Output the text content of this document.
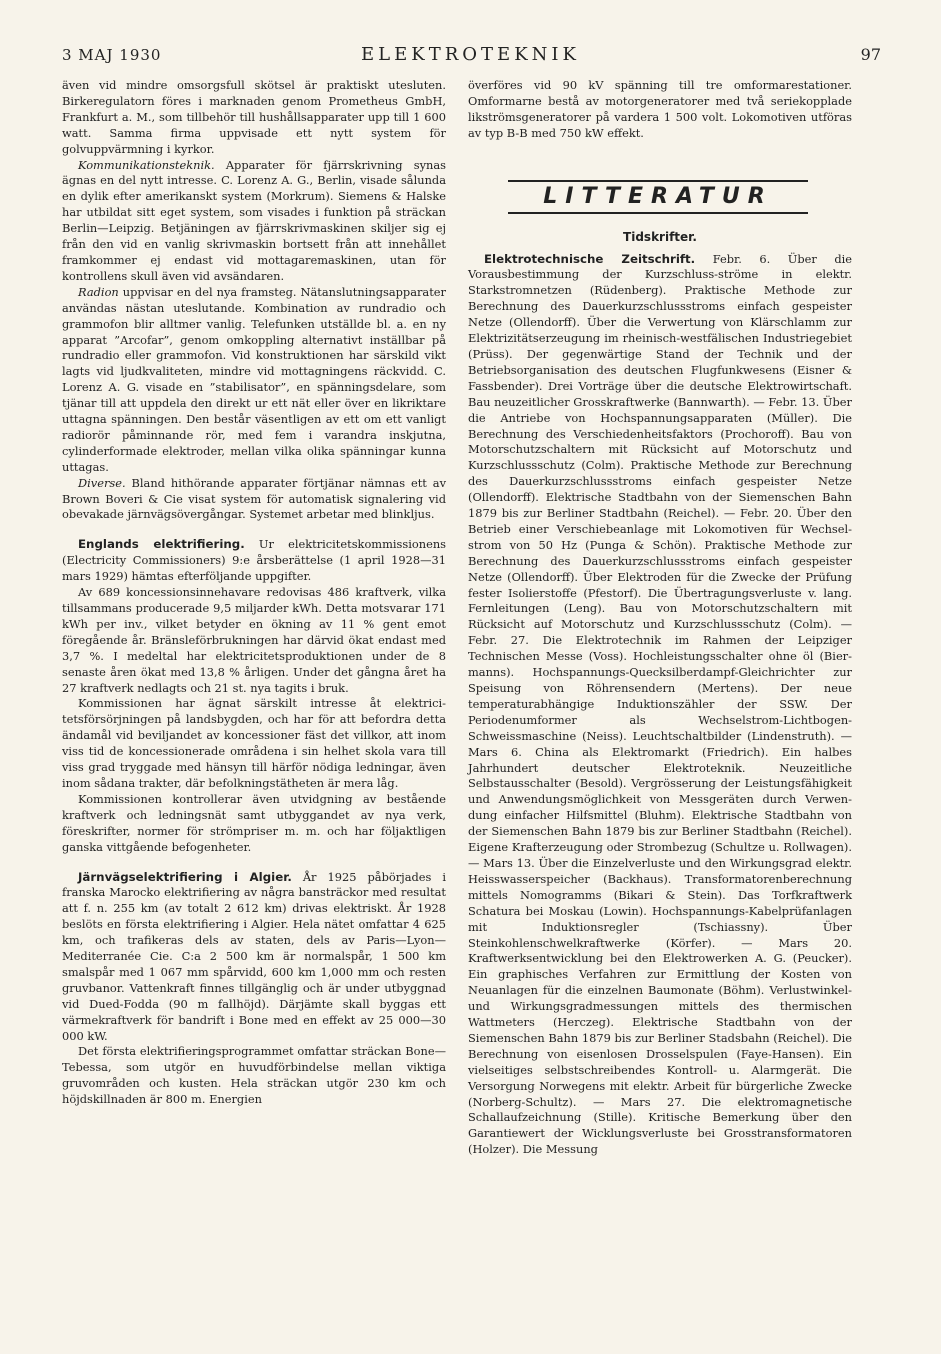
3 MAJ 1930	ELEKTROTEKNIK	97

även vid mindre omsorgsfull skötsel är praktiskt utesluten. Birkeregulatorn föres i marknaden genom Prometheus GmbH, Frankfurt a. M., som tillbehör till hushållsapparater upp till 1 600 watt. Samma firma uppvisade ett nytt system för golvuppvärmning i kyrkor.

Kommunikationsteknik. Apparater för fjärrskrivning synas ägnas en del nytt intresse. C. Lorenz A. G., Berlin, visade sålunda en dylik efter amerikanskt system (Morkrum). Siemens & Halske har utbildat sitt eget system, som visades i funktion på sträckan Berlin—Leipzig. Betjäningen av fjärrskrivmaskinen skiljer sig ej från den vid en vanlig skrivmaskin bortsett från att innehållet framkommer ej endast vid mottagaremaskinen, utan för kontrollens skull även vid avsändaren.

Radion uppvisar en del nya framsteg. Nätanslutningsapparater användas nästan uteslutande. Kombination av rundradio och grammofon blir alltmer vanlig. Telefunken utställde bl. a. en ny apparat ”Arcofar”, genom omkoppling alternativt inställbar på rundradio eller grammofon. Vid konstruktionen har särskild vikt lagts vid ljudkvaliteten, mindre vid mottagningens räckvidd. C. Lorenz A. G. visade en ”stabilisator”, en spänningsdelare, som tjänar till att uppdela den direkt ur ett nät eller över en likriktare uttagna spänningen. Den består väsentligen av ett om ett vanligt radiorör påminnande rör, med fem i varandra inskjutna, cylinderformade elektroder, mellan vilka olika spänningar kunna uttagas.

Diverse. Bland hithörande apparater förtjänar nämnas ett av Brown Boveri & Cie visat system för automatisk signalering vid obevakade järnvägsövergångar. Systemet arbetar med blinkljus.

Englands elektrifiering. Ur elektricitetskommissionens (Electricity Commissioners) 9:e årsberättelse (1 april 1928—31 mars 1929) hämtas efterföljande uppgifter.

Av 689 koncessionsinnehavare redovisas 486 kraftverk, vilka tillsammans producerade 9,5 miljarder kWh. Detta motsvarar 171 kWh per inv., vilket betyder en ökning av 11 % gent emot föregående år. Bränsleförbrukningen har därvid ökat endast med 3,7 %. I medeltal har elektricitetsproduktionen under de 8 senaste åren ökat med 13,8 % årligen. Under det gångna året ha 27 kraftverk nedlagts och 21 st. nya tagits i bruk.

Kommissionen har ägnat särskilt intresse åt elektricitetsförsörjningen på landsbygden, och har för att befordra detta ändamål vid beviljandet av koncessioner fäst det villkor, att inom viss tid de koncessionerade områdena i sin helhet skola vara till viss grad tryggade med hänsyn till härför nödiga ledningar, även inom sådana trakter, där befolkningstätheten är mera låg.

Kommissionen kontrollerar även utvidgning av bestående kraftverk och ledningsnät samt utbyggandet av nya verk, föreskrifter, normer för strömpriser m. m. och har följaktligen ganska vittgående befogenheter.

Järnvägselektrifiering i Algier. År 1925 påbörjades i franska Marocko elektrifiering av några bansträckor med resultat att f. n. 255 km (av totalt 2 612 km) drivas elektriskt. År 1928 beslöts en första elektrifiering i Algier. Hela nätet omfattar 4 625 km, och trafikeras dels av staten, dels av Paris—Lyon—Mediterranée Cie. C:a 2 500 km är normalspår, 1 500 km smalspår med 1 067 mm spårvidd, 600 km 1,000 mm och resten gruvbanor. Vattenkraft finnes tillgänglig och är under utbyggnad vid Dued-Fodda (90 m fallhöjd). Därjämte skall byggas ett värmekraftverk för bandrift i Bone med en effekt av 25 000—30 000 kW.

Det första elektrifieringsprogrammet omfattar sträckan Bone—Tebessa, som utgör en huvudförbindelse mellan viktiga gruvområden och kusten. Hela sträckan utgör 230 km och höjdskillnaden är 800 m. Energien

överföres vid 90 kV spänning till tre omformarestationer. Omformarne bestå av motorgeneratorer med två seriekopplade likströmsgeneratorer på vardera 1 500 volt. Lokomotiven utföras av typ B-B med 750 kW effekt.

LITTERATUR
Tidskrifter.

Elektrotechnische Zeitschrift. Febr. 6. Über die Vorausbestimmung der Kurzschluss-ströme in elektr. Starkstromnetzen (Rüdenberg). Praktische Methode zur Berechnung des Dauerkurzschlussstroms einfach gespeister Netze (Ollendorff). Über die Verwertung von Klärschlamm zur Elektrizitätserzeugung im rheinisch-westfälischen Industriegebiet (Prüss). Der gegenwärtige Stand der Technik und der Betriebsorganisation des deutschen Flugfunkwesens (Eisner & Fassbender). Drei Vorträge über die deutsche Elektrowirtschaft. Bau neuzeitlicher Grosskraftwerke (Bannwarth). — Febr. 13. Über die Antriebe von Hochspannungsapparaten (Müller). Die Berechnung des Verschiedenheitsfaktors (Prochoroff). Bau von Motorschutzschaltern mit Rücksicht auf Motorschutz und Kurzschlussschutz (Colm). Praktische Methode zur Berechnung des Dauerkurzschlussstroms einfach gespeister Netze (Ollendorff). Elektrische Stadtbahn von der Siemenschen Bahn 1879 bis zur Berliner Stadtbahn (Reichel). — Febr. 20. Über den Betrieb einer Verschiebeanlage mit Lokomotiven für Wechselstrom von 50 Hz (Punga & Schön). Praktische Methode zur Berechnung des Dauerkurzschlussstroms einfach gespeister Netze (Ollendorff). Über Elektroden für die Zwecke der Prüfung fester Isolierstoffe (Pfestorf). Die Übertragungsverluste v. lang. Fernleitungen (Leng). Bau von Motorschutzschaltern mit Rücksicht auf Motorschutz und Kurzschlussschutz (Colm). — Febr. 27. Die Elektrotechnik im Rahmen der Leipziger Technischen Messe (Voss). Hochleistungsschalter ohne öl (Biermanns). Hochspannungs-Quecksilberdampf-Gleichrichter zur Speisung von Röhrensendern (Mertens). Der neue temperaturabhängige Induktionszähler der SSW. Der Periodenumformer als Wechselstrom-Lichtbogen-Schweissmaschine (Neiss). Leuchtschaltbilder (Lindenstruth). — Mars 6. China als Elektromarkt (Friedrich). Ein halbes Jahrhundert deutscher Elektroteknik. Neuzeitliche Selbstausschalter (Besold). Vergrösserung der Leistungsfähigkeit und Anwendungsmöglichkeit von Messgeräten durch Verwendung einfacher Hilfsmittel (Bluhm). Elektrische Stadtbahn von der Siemenschen Bahn 1879 bis zur Berliner Stadtbahn (Reichel). Eigene Krafterzeugung oder Strombezug (Schultze u. Rollwagen). — Mars 13. Über die Einzelverluste und den Wirkungsgrad elektr. Heisswasserspeicher (Backhaus). Transformatorenberechnung mittels Nomogramms (Bikari & Stein). Das Torfkraftwerk Schatura bei Moskau (Lowin). Hochspannungs-Kabelprüfanlagen mit Induktionsregler (Tschiassny). Über Steinkohlenschwelkraftwerke (Körfer). — Mars 20. Kraftwerksentwicklung bei den Elektrowerken A. G. (Peucker). Ein graphisches Verfahren zur Ermittlung der Kosten von Neuanlagen für die einzelnen Baumonate (Böhm). Verlustwinkel- und Wirkungsgradmessungen mittels des thermischen Wattmeters (Herczeg). Elektrische Stadtbahn von der Siemenschen Bahn 1879 bis zur Berliner Stadsbahn (Reichel). Die Berechnung von eisenlosen Drosselspulen (Faye-Hansen). Ein vielseitiges selbstschreibendes Kontroll- u. Alarmgerät. Die Versorgung Norwegens mit elektr. Arbeit für bürgerliche Zwecke (Norberg-Schultz). — Mars 27. Die elektromagnetische Schallaufzeichnung (Stille). Kritische Bemerkung über den Garantiewert der Wicklungsverluste bei Grosstransformatoren (Holzer). Die Messung
